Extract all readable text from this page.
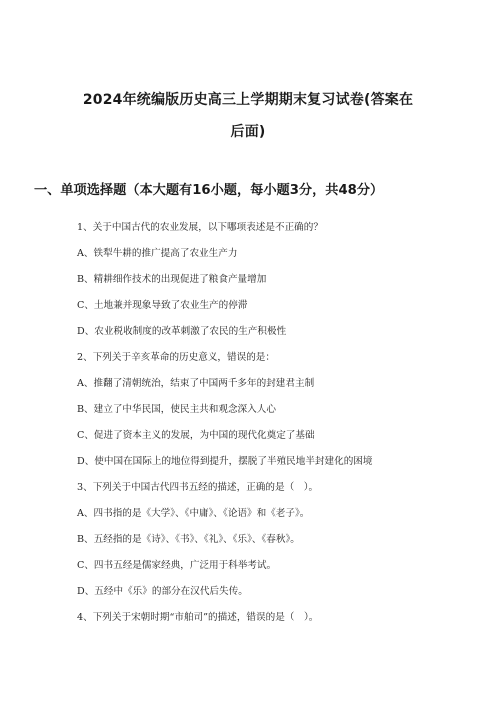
2024年统编版历史高三上学期期末复习试卷(答案在
后面)
一、单项选择题（本大题有16小题，每小题3分，共48分）
1、关于中国古代的农业发展，以下哪项表述是不正确的？
A、铁犁牛耕的推广提高了农业生产力
B、精耕细作技术的出现促进了粮食产量增加
C、土地兼并现象导致了农业生产的停滞
D、农业税收制度的改革刺激了农民的生产积极性
2、下列关于辛亥革命的历史意义，错误的是：
A、推翻了清朝统治，结束了中国两千多年的封建君主制
B、建立了中华民国，使民主共和观念深入人心
C、促进了资本主义的发展，为中国的现代化奠定了基础
D、使中国在国际上的地位得到提升，摆脱了半殖民地半封建化的困境
3、下列关于中国古代四书五经的描述，正确的是（　）。
A、四书指的是《大学》、《中庸》、《论语》和《老子》。
B、五经指的是《诗》、《书》、《礼》、《乐》、《春秋》。
C、四书五经是儒家经典，广泛用于科举考试。
D、五经中《乐》的部分在汉代后失传。
4、下列关于宋朝时期“市舶司”的描述，错误的是（　）。
